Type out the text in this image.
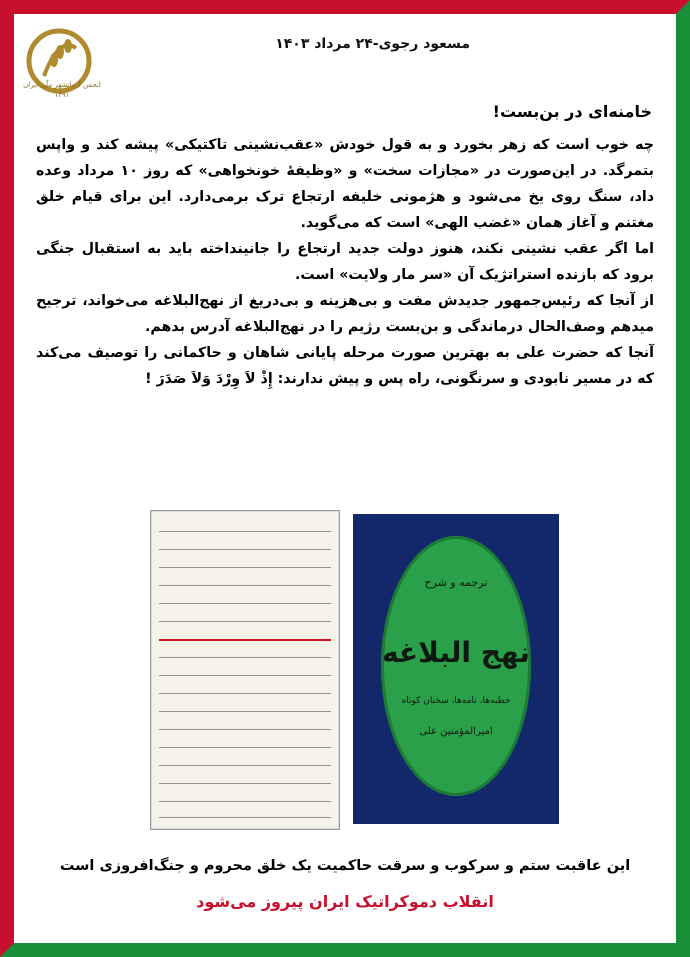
انجمن آرمانشهر ملّی ایران
۱۳۹۱
مسعود رجوی-۲۴ مرداد ۱۴۰۳
خامنه‌ای در بن‌بست!

چه خوب است که زهر بخورد و به قول خودش «عقب‌نشینی تاکتیکی» پیشه کند و واپس بتمرگد. در این‌صورت در «مجازات سخت» و «وظیفهٔ خونخواهی» که روز ۱۰ مرداد وعده داد، سنگ روی یخ می‌شود و هژمونی خلیفه ارتجاع ترک برمی‌دارد. این برای قیام خلق مغتنم و آغاز همان «غضب الهی» است که می‌گوید.

اما اگر عقب نشینی نکند، هنوز دولت جدید ارتجاع را جانینداخته باید به استقبال جنگی برود که بازنده استراتژیک آن «سر مار ولایت» است.

از آنجا که رئیس‌جمهور جدیدش مفت و بی‌هزینه و بی‌دریغ از نهج‌البلاغه می‌خواند، ترجیح میدهم وصف‌الحال درماندگی و بن‌بست رژیم را در نهج‌البلاغه آدرس بدهم.

آنجا که حضرت علی به بهترین صورت مرحله پایانی شاهان و حاکمانی را توصیف می‌کند که در مسیر نابودی و سرنگونی، راه پس و پیش ندارند: إِذْ لاَ وِرْدَ وَلاَ صَدَرَ !

ترجمه و شرح
نهج البلاغه
خطبه‌ها، نامه‌ها، سخنان کوتاه
امیرالمؤمنین علی
این عاقبت ستم و سرکوب و سرقت حاکمیت یک خلق محروم و جنگ‌افروزی است
انقلاب دموکراتیک ایران پیروز می‌شود
